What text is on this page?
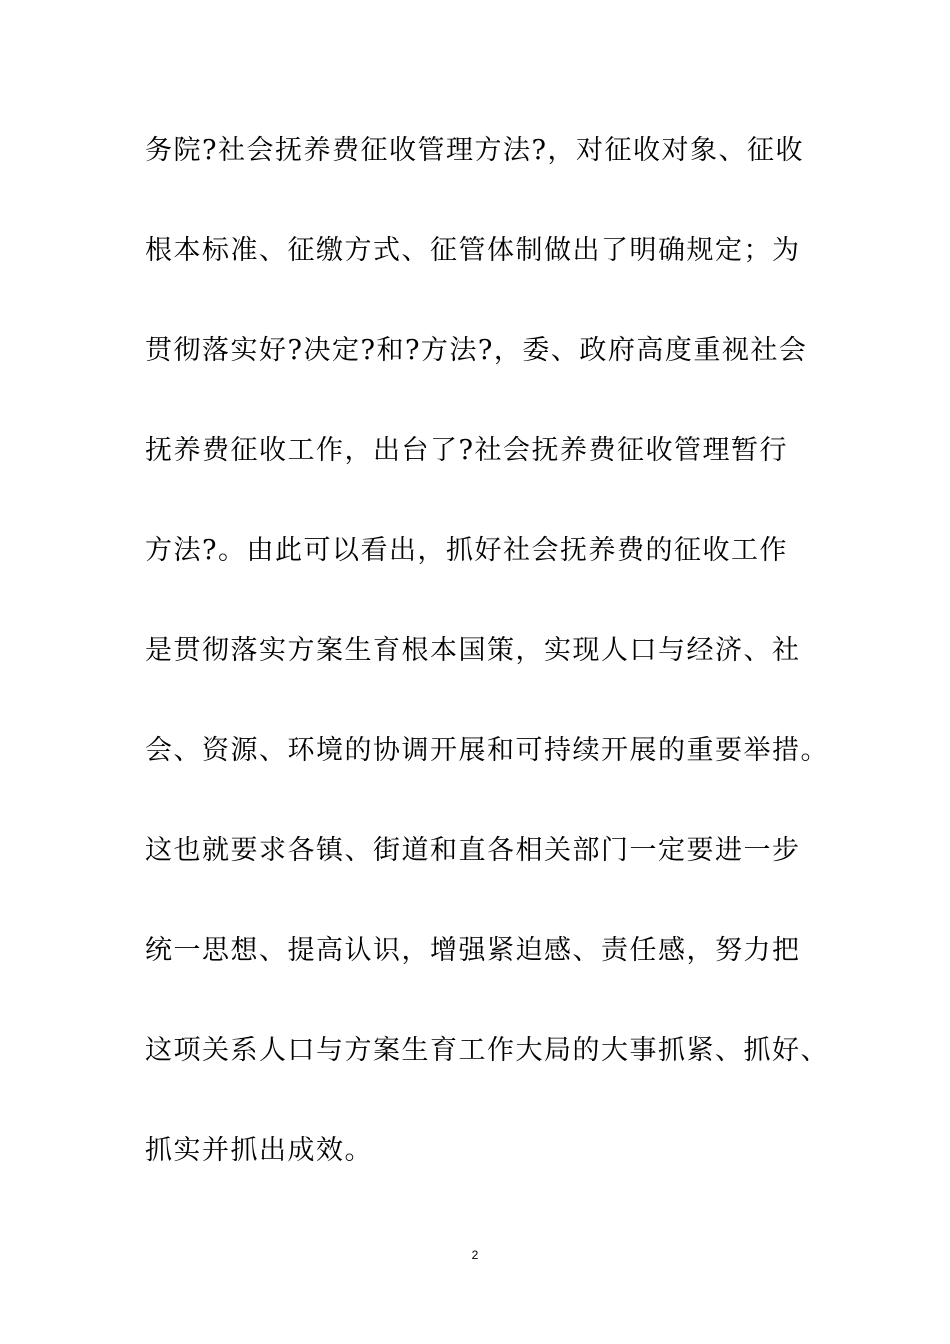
务院?社会抚养费征收管理方法?，对征收对象、征收
根本标准、征缴方式、征管体制做出了明确规定；为
贯彻落实好?决定?和?方法?，委、政府高度重视社会
抚养费征收工作，出台了?社会抚养费征收管理暂行
方法?。由此可以看出，抓好社会抚养费的征收工作
是贯彻落实方案生育根本国策，实现人口与经济、社
会、资源、环境的协调开展和可持续开展的重要举措。
这也就要求各镇、街道和直各相关部门一定要进一步
统一思想、提高认识，增强紧迫感、责任感，努力把
这项关系人口与方案生育工作大局的大事抓紧、抓好、
抓实并抓出成效。
2
